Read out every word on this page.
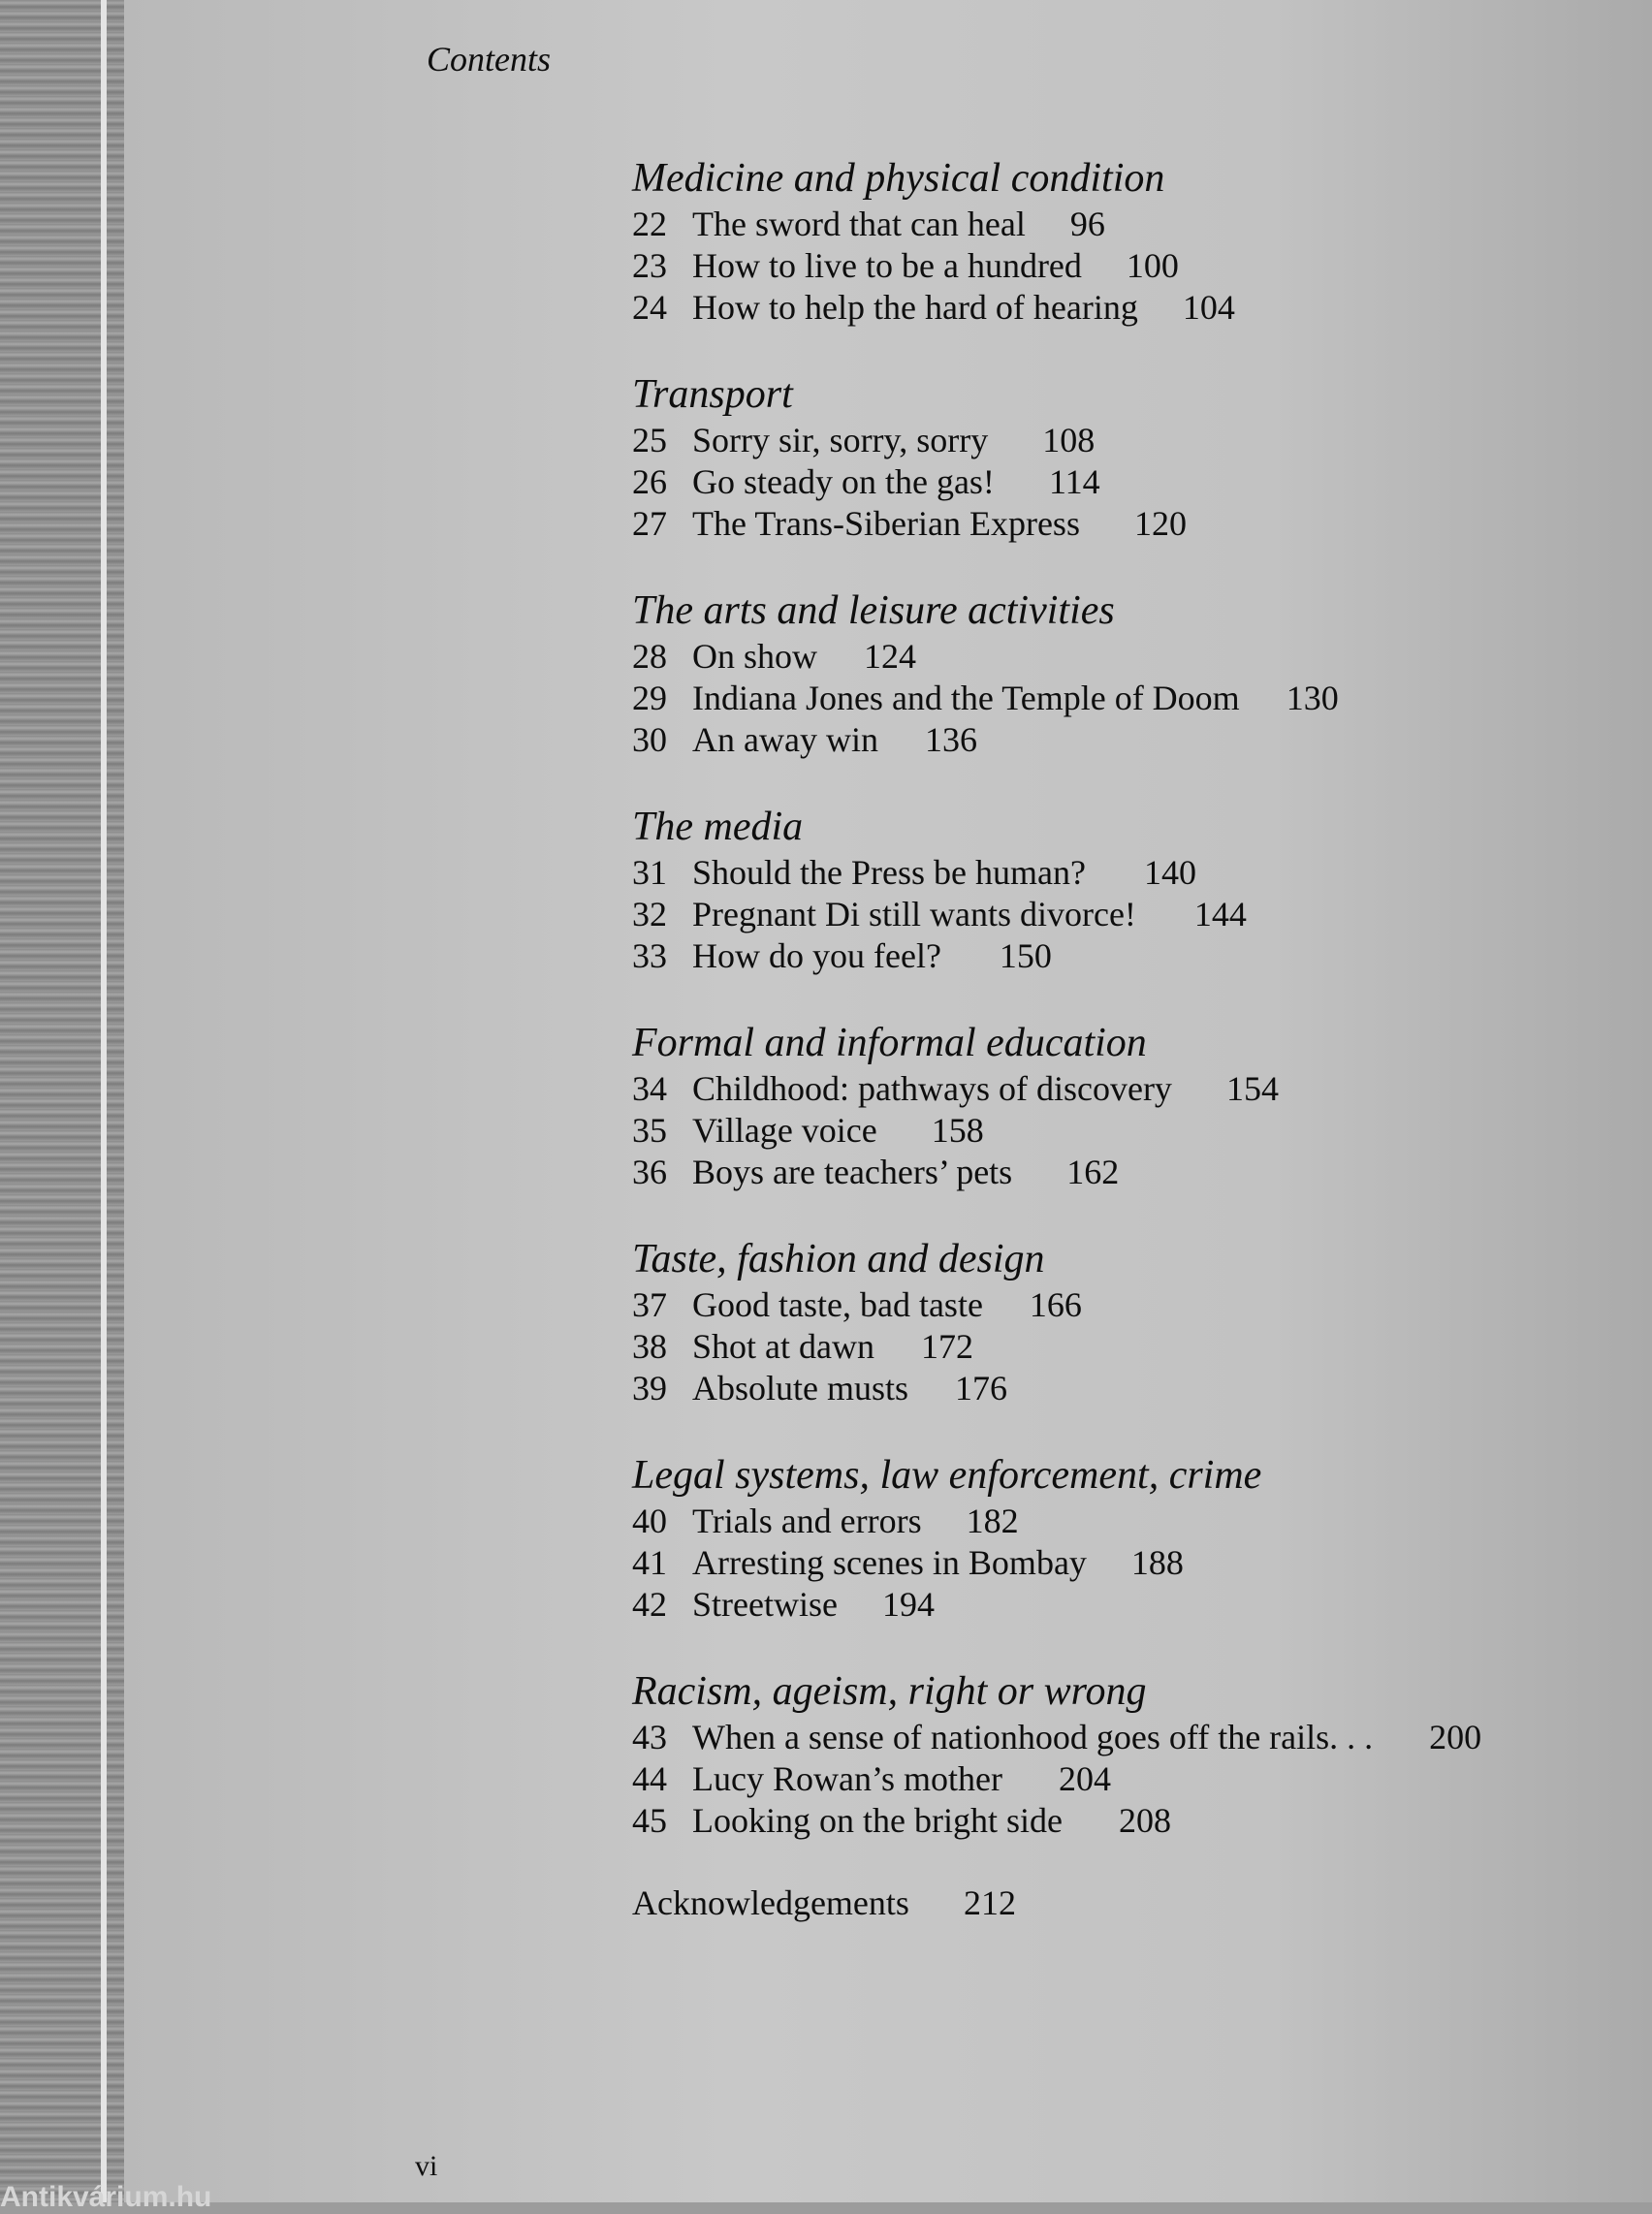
Contents
Medicine and physical condition
22 The sword that can heal 96
23 How to live to be a hundred 100
24 How to help the hard of hearing 104
Transport
25 Sorry sir, sorry, sorry 108
26 Go steady on the gas! 114
27 The Trans-Siberian Express 120
The arts and leisure activities
28 On show 124
29 Indiana Jones and the Temple of Doom 130
30 An away win 136
The media
31 Should the Press be human? 140
32 Pregnant Di still wants divorce! 144
33 How do you feel? 150
Formal and informal education
34 Childhood: pathways of discovery 154
35 Village voice 158
36 Boys are teachers’ pets 162
Taste, fashion and design
37 Good taste, bad taste 166
38 Shot at dawn 172
39 Absolute musts 176
Legal systems, law enforcement, crime
40 Trials and errors 182
41 Arresting scenes in Bombay 188
42 Streetwise 194
Racism, ageism, right or wrong
43 When a sense of nationhood goes off the rails. . . 200
44 Lucy Rowan’s mother 204
45 Looking on the bright side 208
Acknowledgements 212
vi
Antikvárium.hu
